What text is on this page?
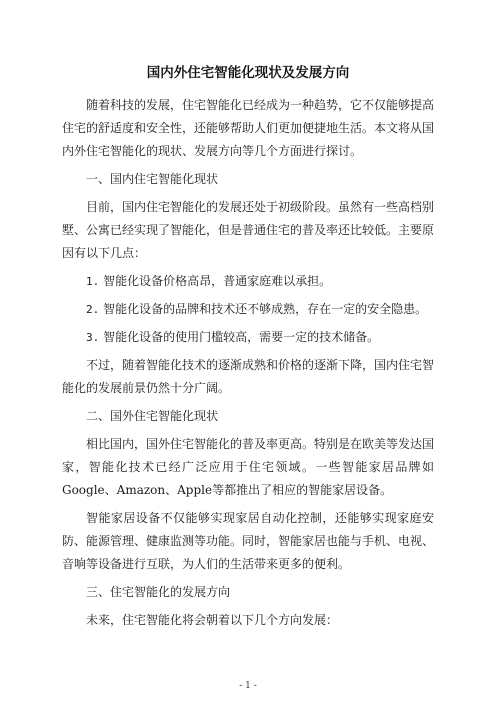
国内外住宅智能化现状及发展方向

随着科技的发展，住宅智能化已经成为一种趋势，它不仅能够提高住宅的舒适度和安全性，还能够帮助人们更加便捷地生活。本文将从国内外住宅智能化的现状、发展方向等几个方面进行探讨。

一、国内住宅智能化现状

目前，国内住宅智能化的发展还处于初级阶段。虽然有一些高档别墅、公寓已经实现了智能化，但是普通住宅的普及率还比较低。主要原因有以下几点：

1. 智能化设备价格高昂，普通家庭难以承担。

2. 智能化设备的品牌和技术还不够成熟，存在一定的安全隐患。

3. 智能化设备的使用门槛较高，需要一定的技术储备。

不过，随着智能化技术的逐渐成熟和价格的逐渐下降，国内住宅智能化的发展前景仍然十分广阔。

二、国外住宅智能化现状

相比国内，国外住宅智能化的普及率更高。特别是在欧美等发达国家，智能化技术已经广泛应用于住宅领域。一些智能家居品牌如Google、Amazon、Apple等都推出了相应的智能家居设备。

智能家居设备不仅能够实现家居自动化控制，还能够实现家庭安防、能源管理、健康监测等功能。同时，智能家居也能与手机、电视、音响等设备进行互联，为人们的生活带来更多的便利。

三、住宅智能化的发展方向

未来，住宅智能化将会朝着以下几个方向发展：

- 1 -
